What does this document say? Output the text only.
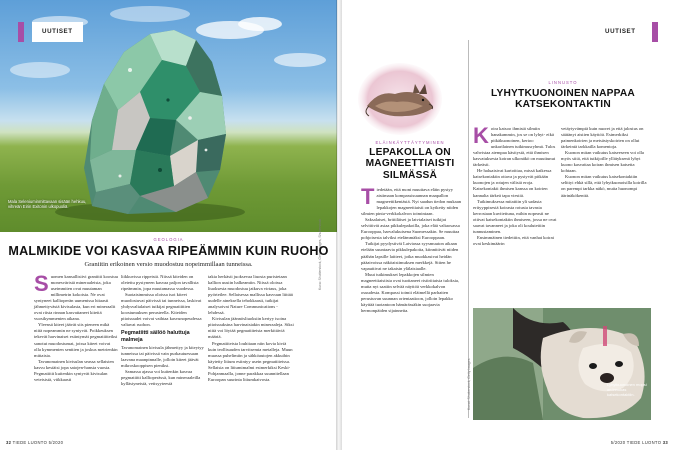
Mala Seleniuminmittavaan sisään hehkuu, vihreän Eirin Exitonin ulkopuoliä.
UUTISET
Kuva: Shutterstock, Getty Images, Shutterstock
GEOLOGIA
MALMIKIDE VOI KASVAA RIPEÄMMIN KUIN RUOHO
Graniitin erikoinen versio muodostuu nopeimmillaan tunneissa.

Suomen kansallisiivi graniitti koostuu monesväristä mineraaleista, joka useimmiten ovat muutaman millimetrin kokoisia. Ne ovat syntyneet kallioperän uumenissa hitaasti jähmettyvästä kivisulasta, kun eri mineraalit ovat riista rinnan kasvattaneet kiteitä vuosikymmenien aikana.

Yleensä kiteet jäävät siis pieneen mikä niitä nopeammin ne syntyvät. Poikkeuksen tekevät harvinaiset esiintymät pegmatiitteiksi sanotut muodostumat, joissa kiteet voivat olla kymmenien senttien ja joskus metrienkin mittaisia.

Tavanomainen kivisulan seassa sellaisten kasvu kestäisi jopa satojen-hansia vuosia. Pegmatiitit kuitenkin syntyvät kivisulan veteisistä, viikkaasti

liikkuvissa rippeistä. Niissä kiteiden on oletettu pystyneen kasvaa paljon tavallista ripeämmin, jopa muutamassa vuodessa.

Suotaisimmissa oloissa isot kiteet muodostuvat päivissä tai tunneissa, laskivat yhdysvaltalaiset tutkijat pegmatiittien koostumuksen perusteella. Kiteiden pitoisuudet voivat vaihtaa kasvunopeudessa valtavat ruohon.

Pegmatiitti säilöö haluttuja malmeja

Tavanomainen kivisula jähmettyy ja kiteytyy tunneissa tai päivissä vain purkautuessaan laavana maanpinnalle, jolloin kiteet jäävät mikroskooppisen pieniksi.

Samassa ajassa voi kuitenkin kasvaa pegmatiitti kallioperässä, kun mineraaleilla kyllästyneistä, vetisyyteestä

takia herkästi juoksevaa liuosta puristetaan kallion uusiin halkeamiin. Niissä oloissa liuoksesta muodostuu jatkuva virtaus, joka pyörteilee. Sellaisessa mallissa kasvuun liittää uudelle aineksella tehokkaasti, tutkijat analysoivat Nature Communications -lehdessä.

Kivisulan jäännösliuoksiin kertyy isoina pitoisuuksina harvinaisiakin mineraaleja. Siksi niitä voi löytää pegmatiiteista merkittäviä määriä.

Pegmatiiteista louhitaan niin kovia kiviä kuin teollisuuden tarvitsemia metalleja. Muun muassa puhelimiin ja sähköautojen akkuihin käytetty litium esiintyy usein pegmatiiteissa. Sellaisia on litiumimalmi esimerkiksi Keski-Pohjanmaalla, jonne parakkaa suunnitellaan Euroopan suurinta litiumkaivosta.

32 TIEDE LUONTO 5/2020
UUTISET
ELÄINKÄYTTÄYTYMINEN
LEPAKOLLA ON MAGNEETTIAISTI SILMÄSSÄ

Tiedetään, että moni muuttava eläin pystyy aistimaan kompassisuunnan maapallon magneettikentästä. Nyt saadun tiedon mukaan lepakkojen magneettiaisti on kytketty niiden silmien pinta-verkkokalvon toimintaan.

Saksalaiset, brittiläiset ja latvialaiset tutkijat selvittivät asiaa pikkulepakoilla, joka elää valtaosassa Eurooppaa, harvalukuisena Suomessakin. Se muuttaa pohjoisesta talviksi etelämmäksi Eurooppaan.

Tutkijat pyydystivät Latviassa syysmuuton aikaan etelään suuntaavia pikkulepakoita, kiinnittivät niiden päähän lapsille laitteet, jotka muokkasivat heidän pääaivoissa näköaistimuksen merkkejä. Sitten he vapauttivat ne takaisin ylälaisiaalle.

Muut tutkimukset lepakkojen silmien magneettiaistista ovat tuottaneet ristiriitaisia tuloksia, mutta nyt saatiin selvää näyttöä verkkokalvon osuudesta. Kompassi toimii eläimellä parhaiten perustuvan suunnan orientaatioon, jolloin lepakko käyttää tuotantoon hämärässäkin suojaavia hermonpäiden sijainneita.

LINNUSTO
LYHYTKUONOINEN NAPPAA KATSEKONTAKTIN

Koira katsoo ihmistä silmiin hanakammin, jos se on lyhyt- eikä pitkäkuonoinen, kertoo unkarilainen tutkimusryhmä. Tulos vahvistaa aiempaa käsitystä, että ihmisen kasvatuksesta koiran ulkonäkö on muuttunut tärkeästi.

He haluaisivat kartoittaa, missä kaikessa katsekontaktin ottava ja pystyvät pitkään kuonojen ja rotujen välisiä eroja. Katsekontakti ihmisen kanssa on koirien kannalta tärkeä tapa viestiä.

Tutkimuksessa mitattiin yli sadasta erityyppisestä koirasta rotusta tavasta kerrostaan kuvitettuna, mihin nopeasti ne ottivat katsekontaktin ihmiseen, jossa ne ovat saavat tavanneet ja joka oli koulutettiin tunnustaminen.

Ensimmäinen tiedettiin, että vanhat koirat ovat keskimäärin

vetäytyvämpiä kuin nuoret ja että jalostus on säätänyt aistien käyttöä. Esimerkiksi paimenkoirien ja metsästyskoirien on ollut tärkeintä tarkkailla komentoja.

Kuonon mitan vaikutus katseeseen voi olla myös siitä, että tutkijoille yllätyksenä lyhyt kuono kasvattaa koiran ihmisen katsetta kohtaan.

Kuonon mitan vaikutus katsekontaktiin selittyi ehkä sillä, että lyhytkuonoisilla koirilla on parempi tarkka näkö, mutta huonompi äärinäkökenttä.

Lyhytkuonoinen mopsi on innokas katsekontaktiin.
Kuvat: Shutterstock, Getty Images
5/2020 TIEDE LUONTO 33
